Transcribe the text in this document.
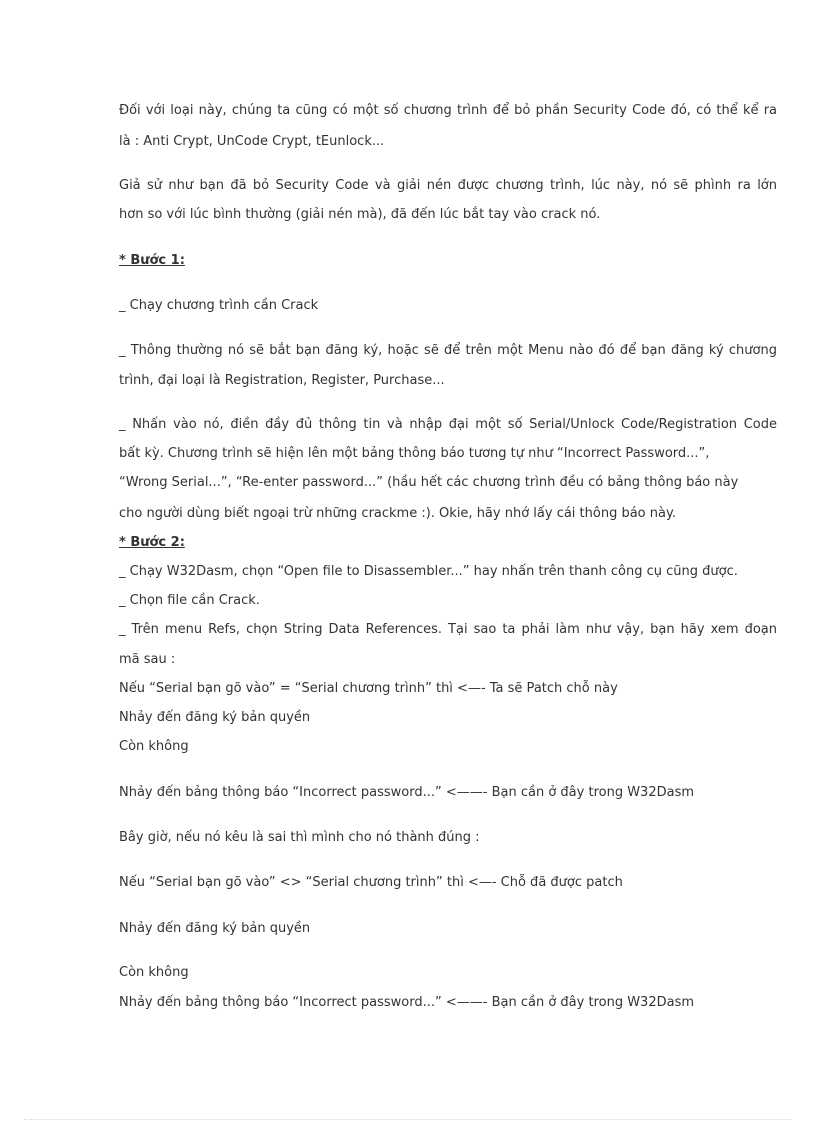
Đối với loại này, chúng ta cũng có một số chương trình để bỏ phần Security Code đó, có thể kể ra
là : Anti Crypt, UnCode Crypt, tEunlock...
Giả sử như bạn đã bỏ Security Code và giải nén được chương trình, lúc này, nó sẽ phình ra lớn
hơn so với lúc bình thường (giải nén mà), đã đến lúc bắt tay vào crack nó.
* Bước 1:
_ Chạy chương trình cần Crack
_ Thông thường nó sẽ bắt bạn đăng ký, hoặc sẽ để trên một Menu nào đó để bạn đăng ký chương
trình, đại loại là Registration, Register, Purchase...
_ Nhấn vào nó, điền đầy đủ thông tin và nhập đại một số Serial/Unlock Code/Registration Code
bất kỳ. Chương trình sẽ hiện lên một bảng thông báo tương tự như “Incorrect Password...”,
“Wrong Serial...”, “Re-enter password...” (hầu hết các chương trình đều có bảng thông báo này
cho người dùng biết ngoại trừ những crackme :). Okie, hãy nhớ lấy cái thông báo này.
* Bước 2:
_ Chạy W32Dasm, chọn “Open file to Disassembler...” hay nhấn trên thanh công cụ cũng được.
_ Chọn file cần Crack.
_ Trên menu Refs, chọn String Data References. Tại sao ta phải làm như vậy, bạn hãy xem đoạn
mã sau :
Nếu “Serial bạn gõ vào” = “Serial chương trình” thì <—- Ta sẽ Patch chỗ này
Nhảy đến đăng ký bản quyền
Còn không
Nhảy đến bảng thông báo “Incorrect password...” <——- Bạn cần ở đây trong W32Dasm
Bây giờ, nếu nó kêu là sai thì mình cho nó thành đúng :
Nếu “Serial bạn gõ vào” <> “Serial chương trình” thì <—- Chỗ đã được patch
Nhảy đến đăng ký bản quyền
Còn không
Nhảy đến bảng thông báo “Incorrect password...” <——- Bạn cần ở đây trong W32Dasm
